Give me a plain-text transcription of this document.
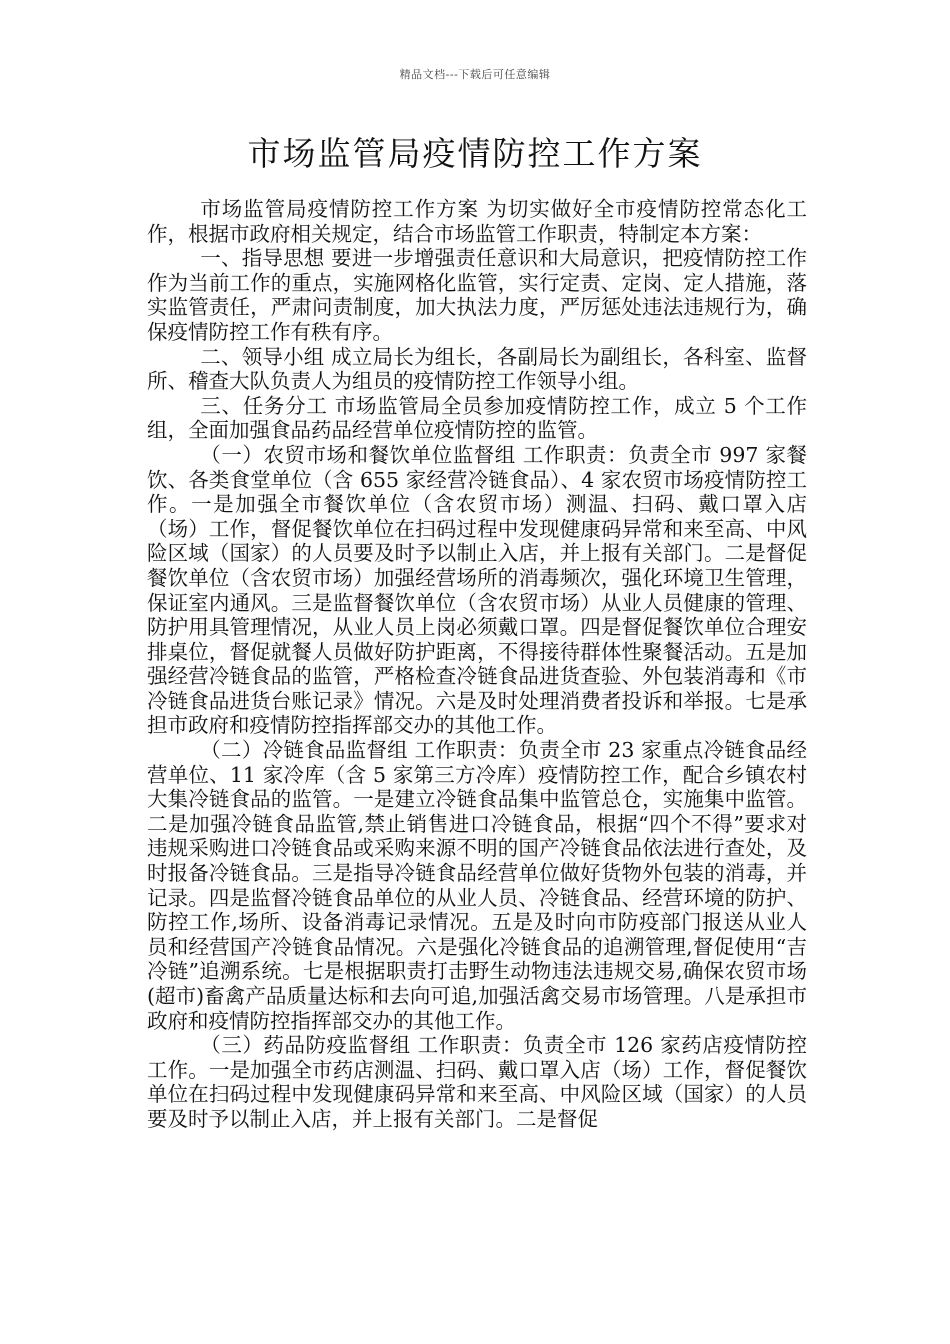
精品文档---下载后可任意编辑
市场监管局疫情防控工作方案

市场监管局疫情防控工作方案 为切实做好全市疫情防控常态化工作，根据市政府相关规定，结合市场监管工作职责，特制定本方案：

一、指导思想 要进一步增强责任意识和大局意识，把疫情防控工作作为当前工作的重点，实施网格化监管，实行定责、定岗、定人措施，落实监管责任，严肃问责制度，加大执法力度，严厉惩处违法违规行为，确保疫情防控工作有秩有序。

二、领导小组 成立局长为组长，各副局长为副组长，各科室、监督所、稽查大队负责人为组员的疫情防控工作领导小组。

三、任务分工 市场监管局全员参加疫情防控工作，成立 5 个工作组，全面加强食品药品经营单位疫情防控的监管。

（一）农贸市场和餐饮单位监督组 工作职责：负责全市 997 家餐饮、各类食堂单位（含 655 家经营冷链食品）、4 家农贸市场疫情防控工作。一是加强全市餐饮单位（含农贸市场）测温、扫码、戴口罩入店（场）工作，督促餐饮单位在扫码过程中发现健康码异常和来至高、中风险区域（国家）的人员要及时予以制止入店，并上报有关部门。二是督促餐饮单位（含农贸市场）加强经营场所的消毒频次，强化环境卫生管理，保证室内通风。三是监督餐饮单位（含农贸市场）从业人员健康的管理、防护用具管理情况，从业人员上岗必须戴口罩。四是督促餐饮单位合理安排桌位，督促就餐人员做好防护距离，不得接待群体性聚餐活动。五是加强经营冷链食品的监管，严格检查冷链食品进货查验、外包装消毒和《市冷链食品进货台账记录》情况。六是及时处理消费者投诉和举报。七是承担市政府和疫情防控指挥部交办的其他工作。

（二）冷链食品监督组 工作职责：负责全市 23 家重点冷链食品经营单位、11 家冷库（含 5 家第三方冷库）疫情防控工作，配合乡镇农村大集冷链食品的监管。一是建立冷链食品集中监管总仓，实施集中监管。二是加强冷链食品监管,禁止销售进口冷链食品，根据“四个不得”要求对违规采购进口冷链食品或采购来源不明的国产冷链食品依法进行查处，及时报备冷链食品。三是指导冷链食品经营单位做好货物外包装的消毒，并记录。四是监督冷链食品单位的从业人员、冷链食品、经营环境的防护、防控工作,场所、设备消毒记录情况。五是及时向市防疫部门报送从业人员和经营国产冷链食品情况。六是强化冷链食品的追溯管理,督促使用“吉冷链”追溯系统。七是根据职责打击野生动物违法违规交易,确保农贸市场(超市)畜禽产品质量达标和去向可追,加强活禽交易市场管理。八是承担市政府和疫情防控指挥部交办的其他工作。

（三）药品防疫监督组 工作职责：负责全市 126 家药店疫情防控工作。一是加强全市药店测温、扫码、戴口罩入店（场）工作，督促餐饮单位在扫码过程中发现健康码异常和来至高、中风险区域（国家）的人员要及时予以制止入店，并上报有关部门。二是督促
